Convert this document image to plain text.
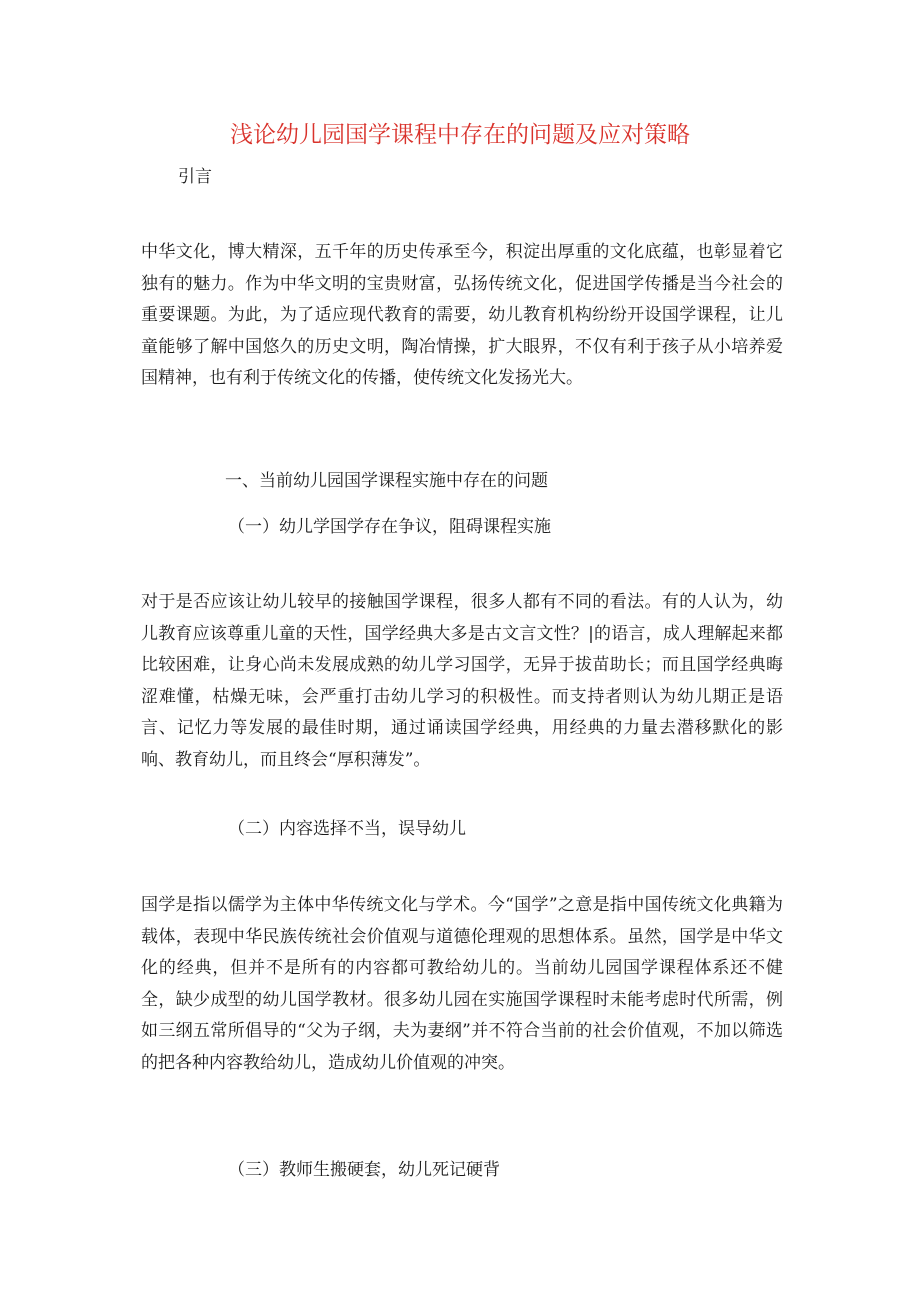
浅论幼儿园国学课程中存在的问题及应对策略

引言

中华文化，博大精深，五千年的历史传承至今，积淀出厚重的文化底蕴，也彰显着它独有的魅力。作为中华文明的宝贵财富，弘扬传统文化，促进国学传播是当今社会的重要课题。为此，为了适应现代教育的需要，幼儿教育机构纷纷开设国学课程，让儿童能够了解中国悠久的历史文明，陶冶情操，扩大眼界，不仅有利于孩子从小培养爱国精神，也有利于传统文化的传播，使传统文化发扬光大。

一、当前幼儿园国学课程实施中存在的问题

（一）幼儿学国学存在争议，阻碍课程实施

对于是否应该让幼儿较早的接触国学课程，很多人都有不同的看法。有的人认为，幼儿教育应该尊重儿童的天性，国学经典大多是古文言文性？|的语言，成人理解起来都比较困难，让身心尚未发展成熟的幼儿学习国学，无异于拔苗助长；而且国学经典晦涩难懂，枯燥无味，会严重打击幼儿学习的积极性。而支持者则认为幼儿期正是语言、记忆力等发展的最佳时期，通过诵读国学经典，用经典的力量去潜移默化的影响、教育幼儿，而且终会“厚积薄发”。

（二）内容选择不当，误导幼儿

国学是指以儒学为主体中华传统文化与学术。今“国学”之意是指中国传统文化典籍为载体，表现中华民族传统社会价值观与道德伦理观的思想体系。虽然，国学是中华文化的经典，但并不是所有的内容都可教给幼儿的。当前幼儿园国学课程体系还不健全，缺少成型的幼儿国学教材。很多幼儿园在实施国学课程时未能考虑时代所需，例如三纲五常所倡导的“父为子纲，夫为妻纲”并不符合当前的社会价值观，不加以筛选的把各种内容教给幼儿，造成幼儿价值观的冲突。

（三）教师生搬硬套，幼儿死记硬背
